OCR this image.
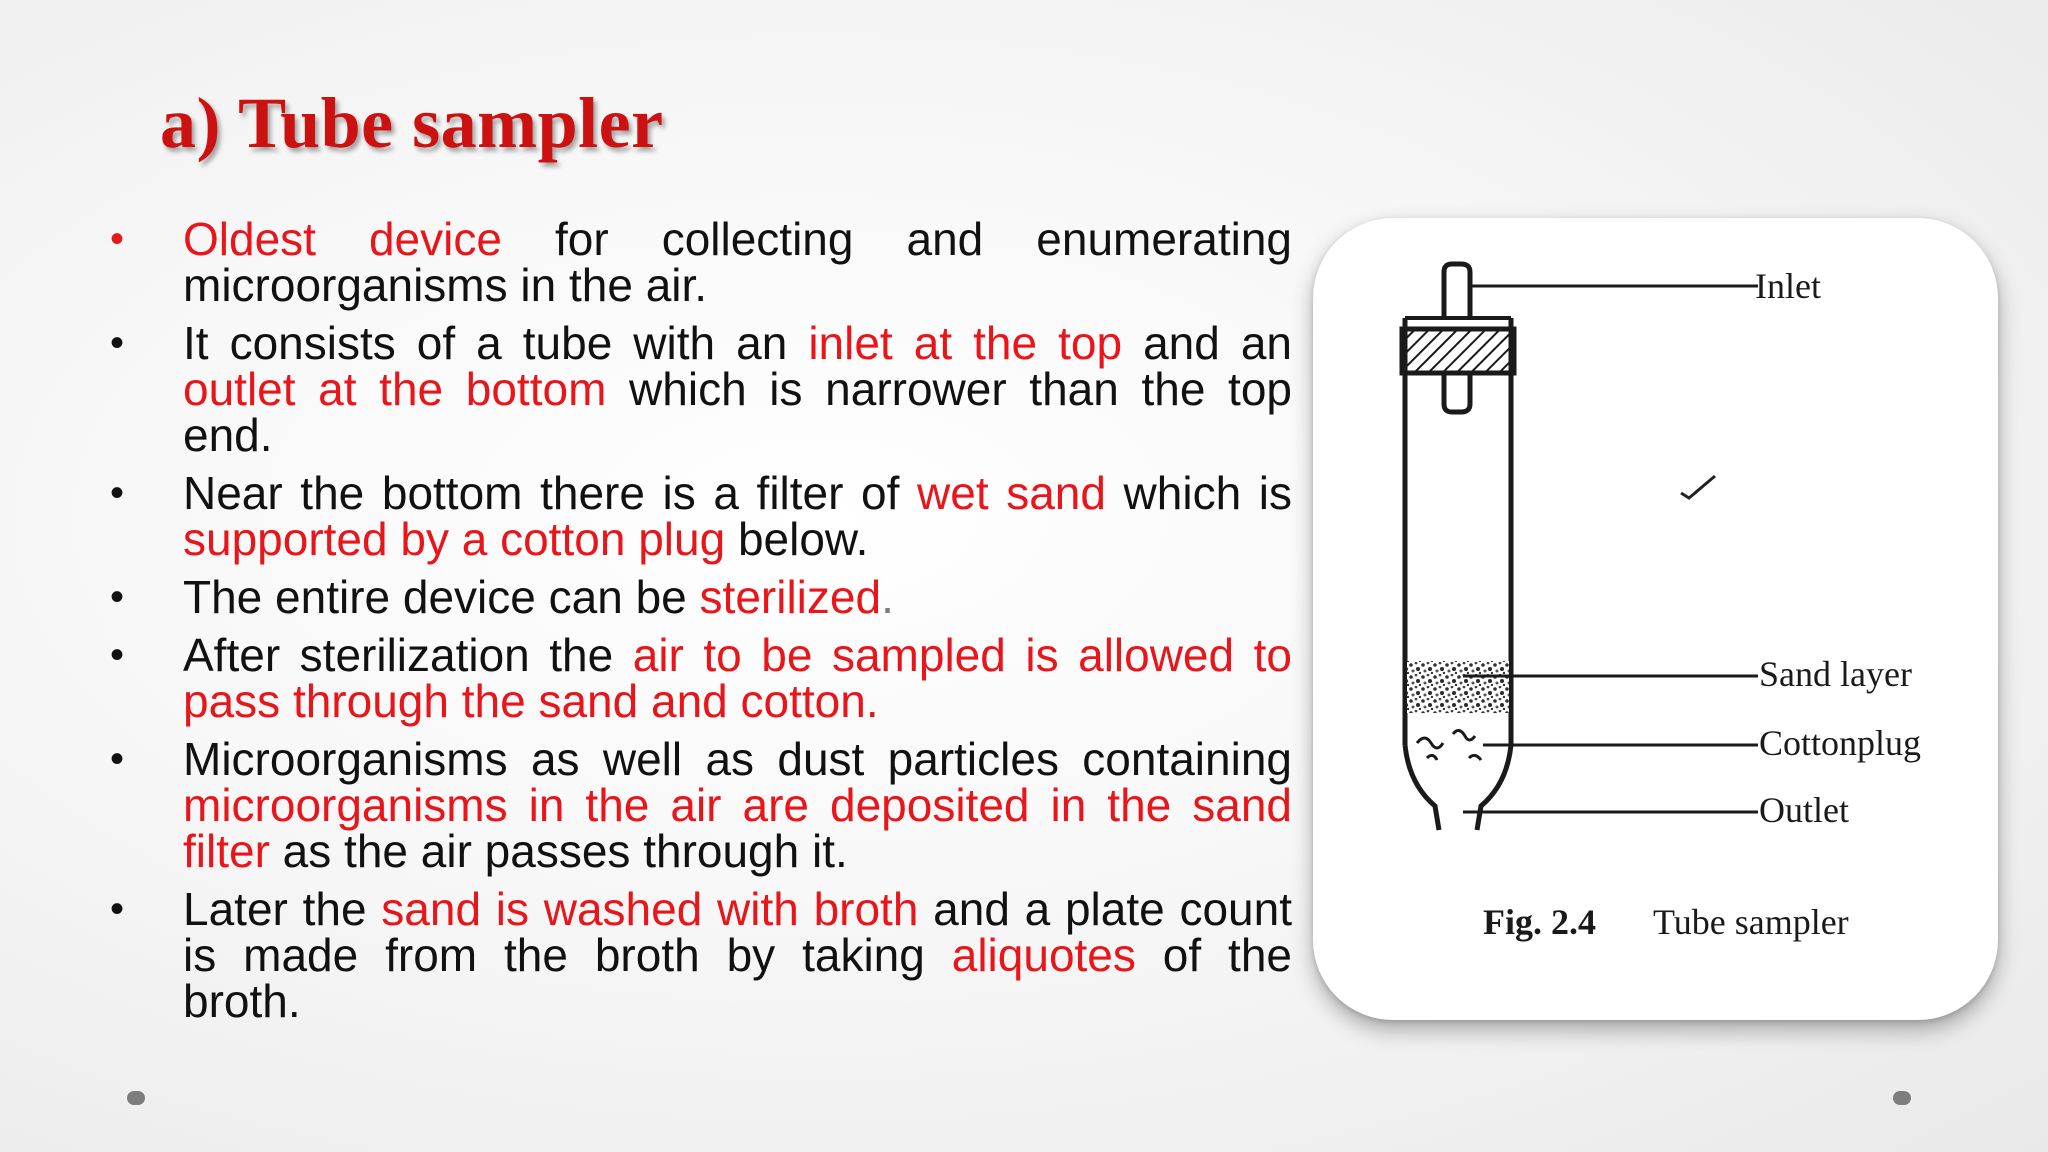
a) Tube sampler
• Oldest device for collecting and enumerating microorganisms in the air.
• It consists of a tube with an inlet at the top and an outlet at the bottom which is narrower than the top end.
• Near the bottom there is a filter of wet sand which is supported by a cotton plug below.
• The entire device can be sterilized.
• After sterilization the air to be sampled is allowed to pass through the sand and cotton.
• Microorganisms as well as dust particles containing microorganisms in the air are deposited in the sand filter as the air passes through it.
• Later the sand is washed with broth and a plate count is made from the broth by taking aliquotes of the broth.
Inlet
Sand layer
Cottonplug
Outlet
Fig. 2.4 Tube sampler
